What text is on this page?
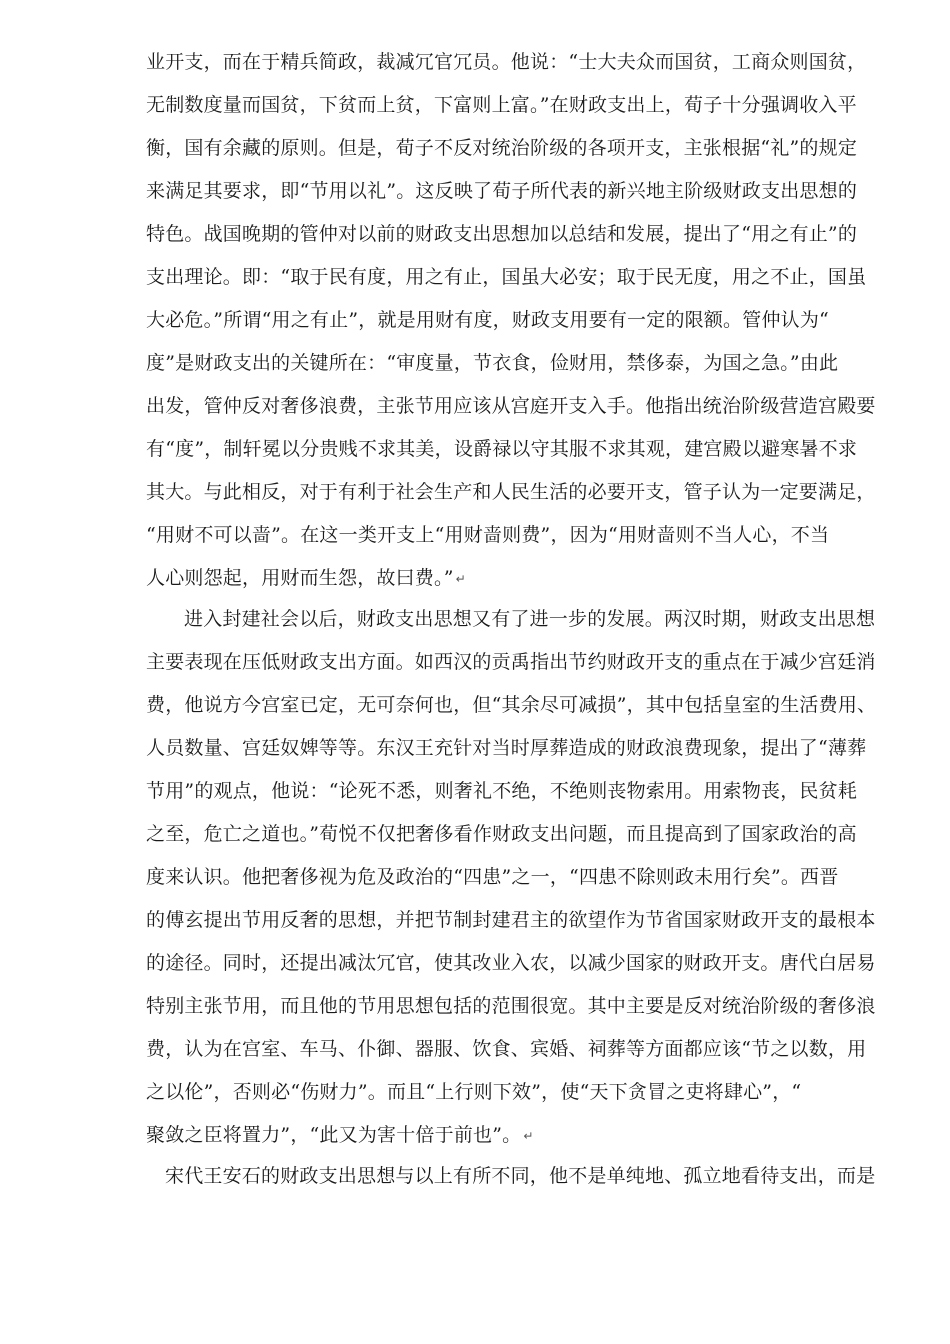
业开支，而在于精兵简政，裁减冗官冗员。他说：“士大夫众而国贫，工商众则国贫，
无制数度量而国贫，下贫而上贫，下富则上富。”在财政支出上，荀子十分强调收入平
衡，国有余藏的原则。但是，荀子不反对统治阶级的各项开支，主张根据“礼”的规定
来满足其要求，即“节用以礼”。这反映了荀子所代表的新兴地主阶级财政支出思想的
特色。战国晚期的管仲对以前的财政支出思想加以总结和发展，提出了“用之有止”的
支出理论。即：“取于民有度，用之有止，国虽大必安；取于民无度，用之不止，国虽
大必危。”所谓“用之有止”，就是用财有度，财政支用要有一定的限额。管仲认为“
度”是财政支出的关键所在：“审度量，节衣食，俭财用，禁侈泰，为国之急。”由此
出发，管仲反对奢侈浪费，主张节用应该从宫庭开支入手。他指出统治阶级营造宫殿要
有“度”，制轩冕以分贵贱不求其美，设爵禄以守其服不求其观，建宫殿以避寒暑不求
其大。与此相反，对于有利于社会生产和人民生活的必要开支，管子认为一定要满足，
“用财不可以啬”。在这一类开支上“用财啬则费”，因为“用财啬则不当人心，不当
人心则怨起，用财而生怨，故曰费。” ↵
进入封建社会以后，财政支出思想又有了进一步的发展。两汉时期，财政支出思想
主要表现在压低财政支出方面。如西汉的贡禹指出节约财政开支的重点在于减少宫廷消
费，他说方今宫室已定，无可奈何也，但“其余尽可减损”，其中包括皇室的生活费用、
人员数量、宫廷奴婢等等。东汉王充针对当时厚葬造成的财政浪费现象，提出了“薄葬
节用”的观点，他说：“论死不悉，则奢礼不绝，不绝则丧物索用。用索物丧，民贫耗
之至，危亡之道也。”荀悦不仅把奢侈看作财政支出问题，而且提高到了国家政治的高
度来认识。他把奢侈视为危及政治的“四患”之一，“四患不除则政未用行矣”。西晋
的傅玄提出节用反奢的思想，并把节制封建君主的欲望作为节省国家财政开支的最根本
的途径。同时，还提出减汰冗官，使其改业入农，以减少国家的财政开支。唐代白居易
特别主张节用，而且他的节用思想包括的范围很宽。其中主要是反对统治阶级的奢侈浪
费，认为在宫室、车马、仆御、器服、饮食、宾婚、祠葬等方面都应该“节之以数，用
之以伦”，否则必“伤财力”。而且“上行则下效”，使“天下贪冒之吏将肆心”，“
聚敛之臣将置力”，“此又为害十倍于前也”。 ↵
宋代王安石的财政支出思想与以上有所不同，他不是单纯地、孤立地看待支出，而是
